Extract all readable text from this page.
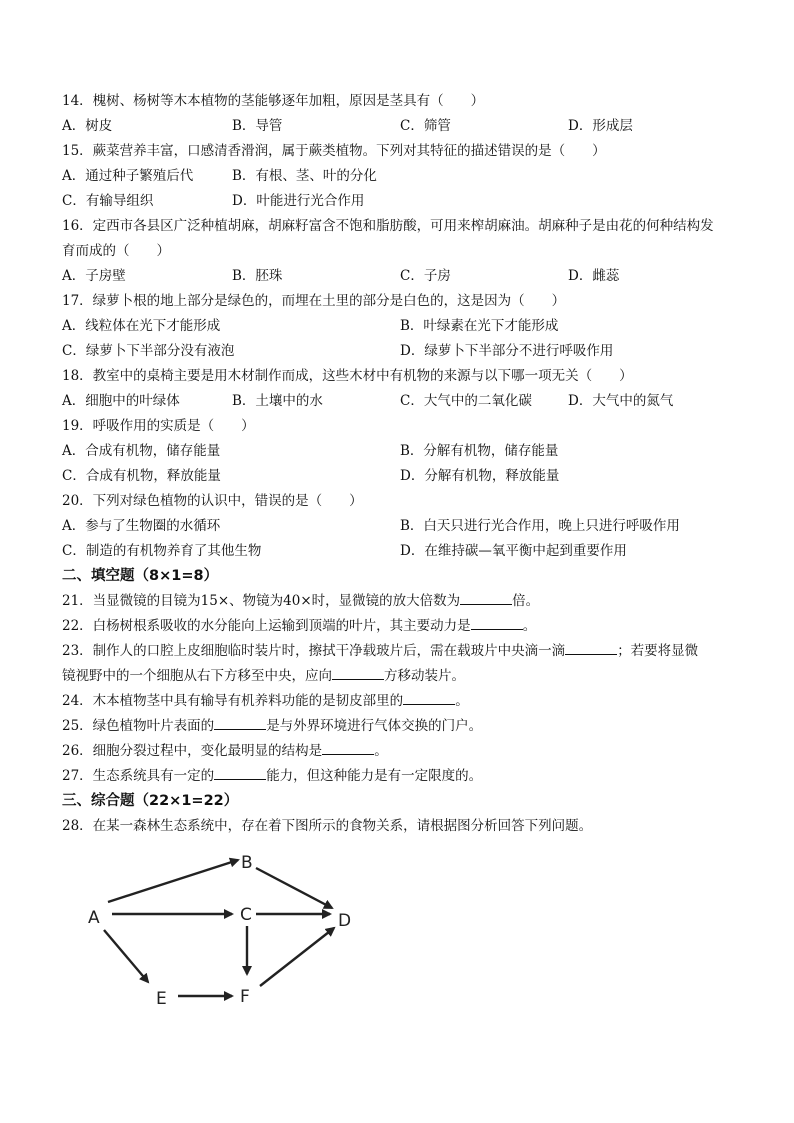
14．槐树、杨树等木本植物的茎能够逐年加粗，原因是茎具有（　　）
A．树皮	B．导管	C．筛管	D．形成层
15．蕨菜营养丰富，口感清香滑润，属于蕨类植物。下列对其特征的描述错误的是（　　）
A．通过种子繁殖后代	B．有根、茎、叶的分化
C．有输导组织	D．叶能进行光合作用
16．定西市各县区广泛种植胡麻，胡麻籽富含不饱和脂肪酸，可用来榨胡麻油。胡麻种子是由花的何种结构发
育而成的（　　）
A．子房壁	B．胚珠	C．子房	D．雌蕊
17．绿萝卜根的地上部分是绿色的，而埋在土里的部分是白色的，这是因为（　　）
A．线粒体在光下才能形成	B．叶绿素在光下才能形成
C．绿萝卜下半部分没有液泡	D．绿萝卜下半部分不进行呼吸作用
18．教室中的桌椅主要是用木材制作而成，这些木材中有机物的来源与以下哪一项无关（　　）
A．细胞中的叶绿体	B．土壤中的水	C．大气中的二氧化碳	D．大气中的氮气
19．呼吸作用的实质是（　　）
A．合成有机物，储存能量	B．分解有机物，储存能量
C．合成有机物，释放能量	D．分解有机物，释放能量
20．下列对绿色植物的认识中，错误的是（　　）
A．参与了生物圈的水循环	B．白天只进行光合作用，晚上只进行呼吸作用
C．制造的有机物养育了其他生物	D．在维持碳—氧平衡中起到重要作用
二、填空题（8×1=8）
21．当显微镜的目镜为15×、物镜为40×时，显微镜的放大倍数为	倍。
22．白杨树根系吸收的水分能向上运输到顶端的叶片，其主要动力是	。
23．制作人的口腔上皮细胞临时装片时，擦拭干净载玻片后，需在载玻片中央滴一滴	；若要将显微
镜视野中的一个细胞从右下方移至中央，应向	方移动装片。
24．木本植物茎中具有输导有机养料功能的是韧皮部里的	。
25．绿色植物叶片表面的	是与外界环境进行气体交换的门户。
26．细胞分裂过程中，变化最明显的结构是	。
27．生态系统具有一定的	能力，但这种能力是有一定限度的。
三、综合题（22×1=22）
28．在某一森林生态系统中，存在着下图所示的食物关系，请根据图分析回答下列问题。
A
B
C	D
E	F
